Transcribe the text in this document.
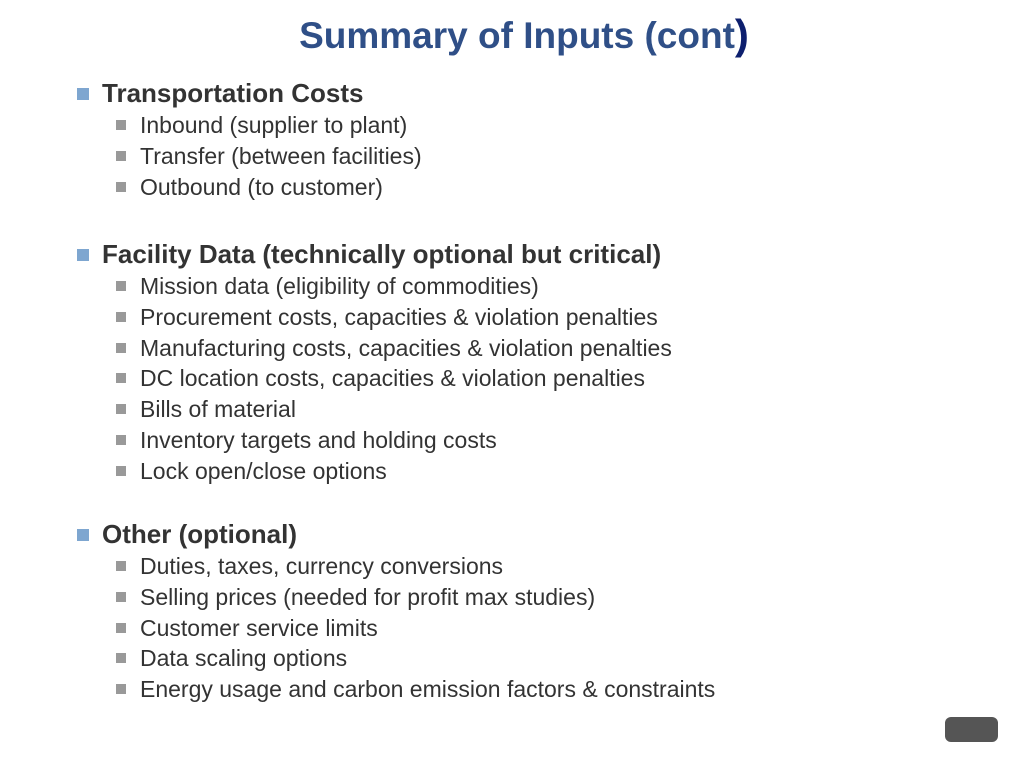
Summary of Inputs (cont)
Transportation Costs
Inbound (supplier to plant)
Transfer (between facilities)
Outbound (to customer)
Facility Data (technically optional but critical)
Mission data (eligibility of commodities)
Procurement costs, capacities & violation penalties
Manufacturing costs, capacities & violation penalties
DC location costs, capacities & violation penalties
Bills of material
Inventory targets and holding costs
Lock open/close options
Other (optional)
Duties, taxes, currency conversions
Selling prices (needed for profit max studies)
Customer service limits
Data scaling options
Energy usage and carbon emission factors & constraints
